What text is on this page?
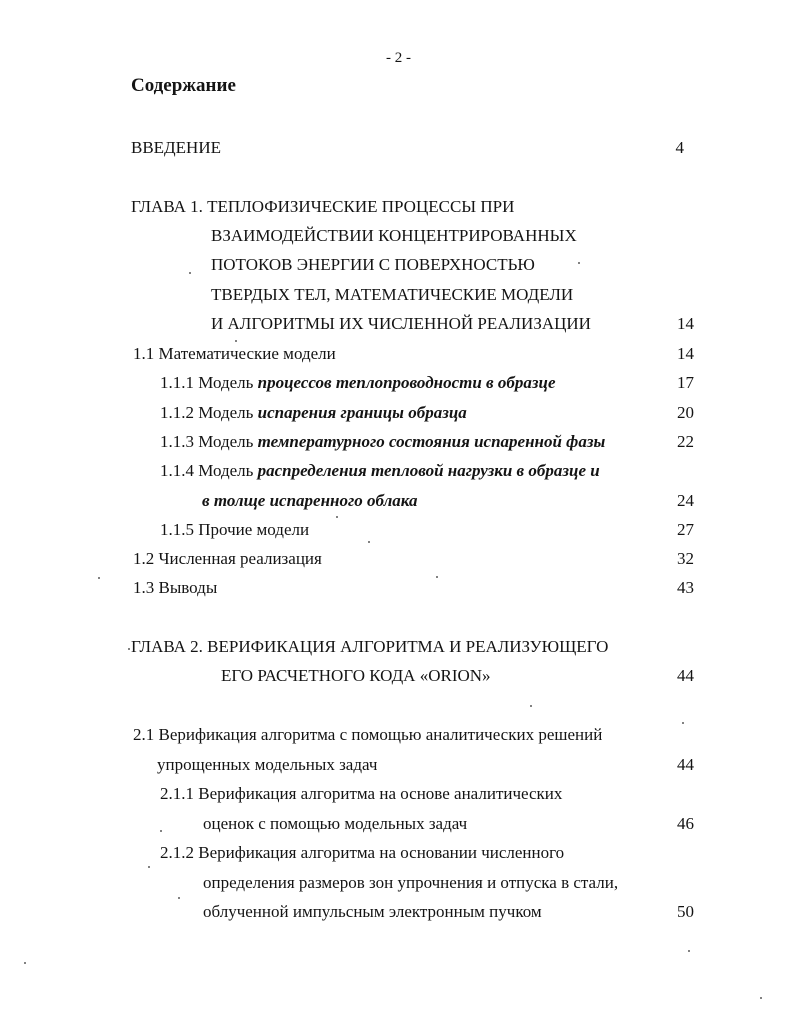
- 2 -
Содержание
ВВЕДЕНИЕ	4
ГЛАВА 1. ТЕПЛОФИЗИЧЕСКИЕ ПРОЦЕССЫ ПРИ
ВЗАИМОДЕЙСТВИИ КОНЦЕНТРИРОВАННЫХ
ПОТОКОВ ЭНЕРГИИ С ПОВЕРХНОСТЬЮ
ТВЕРДЫХ ТЕЛ, МАТЕМАТИЧЕСКИЕ МОДЕЛИ
И АЛГОРИТМЫ ИХ ЧИСЛЕННОЙ РЕАЛИЗАЦИИ	14
1.1 Математические модели	14
1.1.1 Модель процессов теплопроводности в образце	17
1.1.2 Модель испарения границы образца	20
1.1.3 Модель температурного состояния испаренной фазы	22
1.1.4 Модель распределения тепловой нагрузки в образце и
в толще испаренного облака	24
1.1.5 Прочие модели	27
1.2 Численная реализация	32
1.3 Выводы	43
ГЛАВА 2. ВЕРИФИКАЦИЯ АЛГОРИТМА И РЕАЛИЗУЮЩЕГО
ЕГО РАСЧЕТНОГО КОДА «ORION»	44
2.1 Верификация алгоритма с помощью аналитических решений
упрощенных модельных задач	44
2.1.1 Верификация алгоритма на основе аналитических
оценок с помощью модельных задач	46
2.1.2 Верификация алгоритма на основании численного
определения размеров зон упрочнения и отпуска в стали,
облученной импульсным электронным пучком	50
